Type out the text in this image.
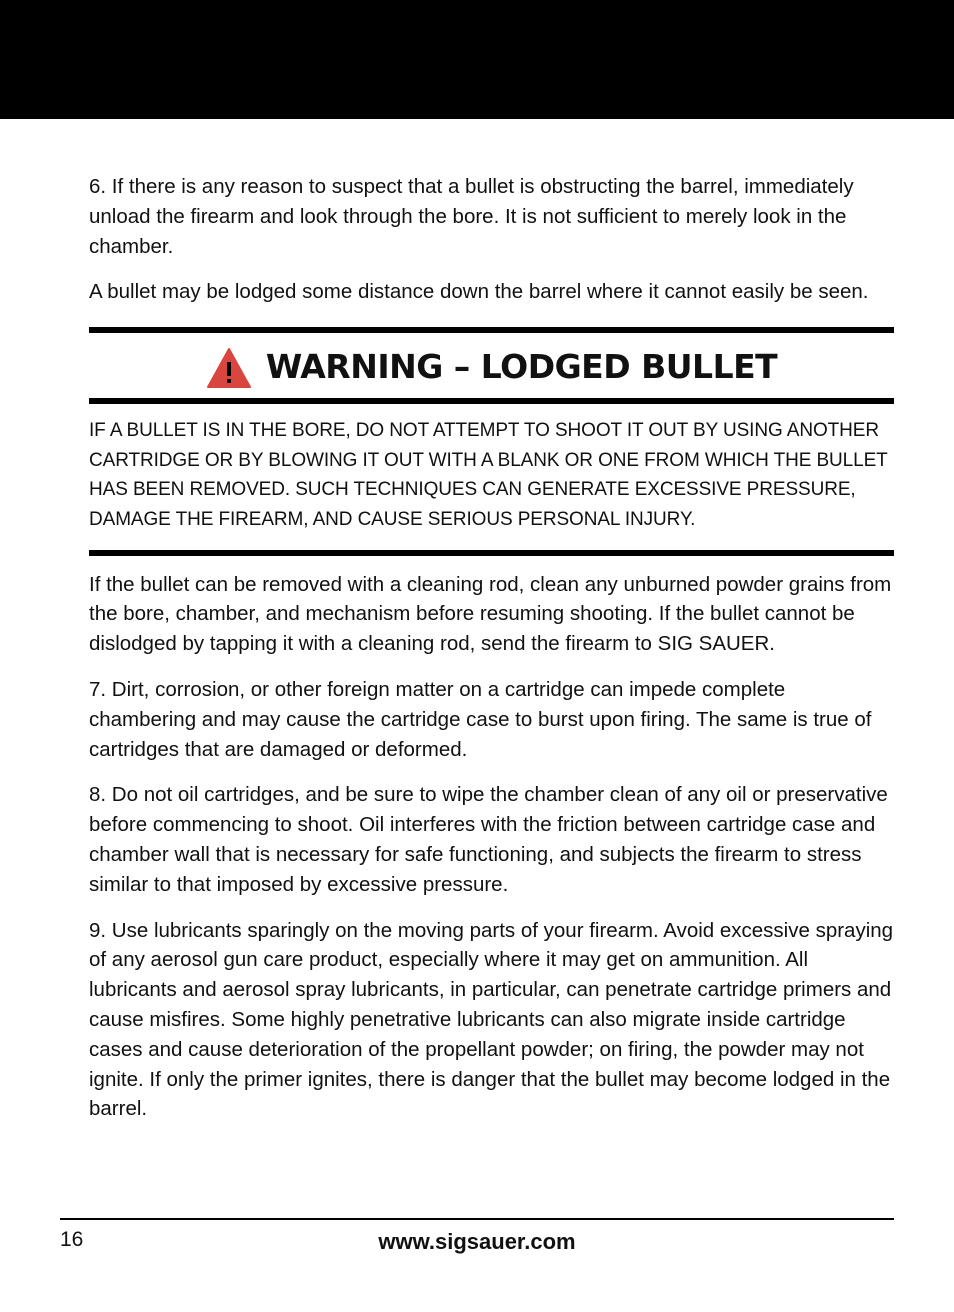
6. If there is any reason to suspect that a bullet is obstructing the barrel, immediately unload the firearm and look through the bore. It is not sufficient to merely look in the chamber.

A bullet may be lodged some distance down the barrel where it cannot easily be seen.

WARNING – LODGED BULLET

IF A BULLET IS IN THE BORE, DO NOT ATTEMPT TO SHOOT IT OUT BY USING ANOTHER CARTRIDGE OR BY BLOWING IT OUT WITH A BLANK OR ONE FROM WHICH THE BULLET HAS BEEN REMOVED. SUCH TECHNIQUES CAN GENERATE EXCESSIVE PRESSURE, DAMAGE THE FIREARM, AND CAUSE SERIOUS PERSONAL INJURY.

If the bullet can be removed with a cleaning rod, clean any unburned powder grains from the bore, chamber, and mechanism before resuming shooting. If the bullet cannot be dislodged by tapping it with a cleaning rod, send the firearm to SIG SAUER.

7. Dirt, corrosion, or other foreign matter on a cartridge can impede complete chambering and may cause the cartridge case to burst upon firing. The same is true of cartridges that are damaged or deformed.

8. Do not oil cartridges, and be sure to wipe the chamber clean of any oil or preservative before commencing to shoot. Oil interferes with the friction between cartridge case and chamber wall that is necessary for safe functioning, and subjects the firearm to stress similar to that imposed by excessive pressure.

9. Use lubricants sparingly on the moving parts of your firearm. Avoid excessive spraying of any aerosol gun care product, especially where it may get on ammunition. All lubricants and aerosol spray lubricants, in particular, can penetrate cartridge primers and cause misfires. Some highly penetrative lubricants can also migrate inside cartridge cases and cause deterioration of the propellant powder; on firing, the powder may not ignite. If only the primer ignites, there is danger that the bullet may become lodged in the barrel.

16	www.sigsauer.com
